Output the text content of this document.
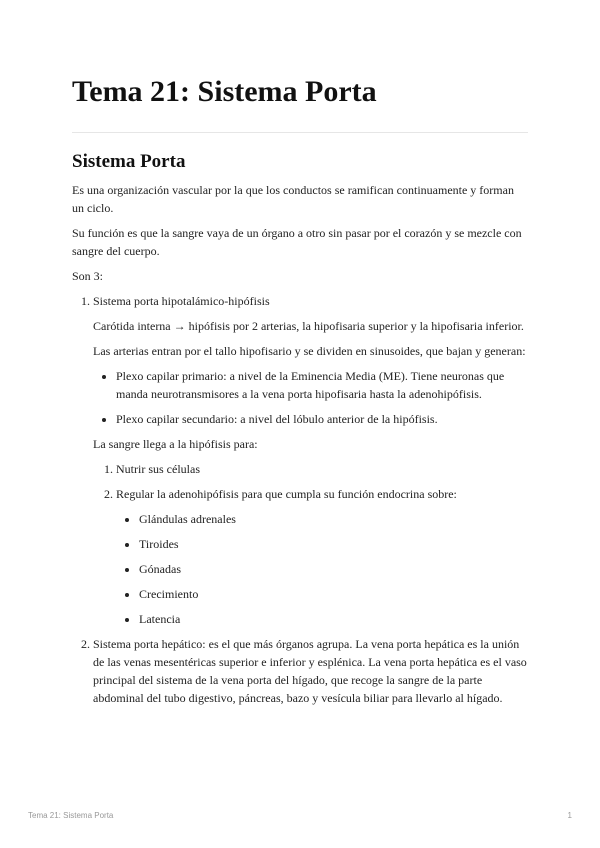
Tema 21: Sistema Porta
Sistema Porta

Es una organización vascular por la que los conductos se ramifican continuamente y forman un ciclo.

Su función es que la sangre vaya de un órgano a otro sin pasar por el corazón y se mezcle con sangre del cuerpo.

Son 3:

1. Sistema porta hipotalámico-hipófisis

Carótida interna → hipófisis por 2 arterias, la hipofisaria superior y la hipofisaria inferior.

Las arterias entran por el tallo hipofisario y se dividen en sinusoides, que bajan y generan:

• Plexo capilar primario: a nivel de la Eminencia Media (ME). Tiene neuronas que manda neurotransmisores a la vena porta hipofisaria hasta la adenohipófisis.
• Plexo capilar secundario: a nivel del lóbulo anterior de la hipófisis.

La sangre llega a la hipófisis para:

1. Nutrir sus células
2. Regular la adenohipófisis para que cumpla su función endocrina sobre:
• Glándulas adrenales
• Tiroides
• Gónadas
• Crecimiento
• Latencia
2. Sistema porta hepático: es el que más órganos agrupa. La vena porta hepática es la unión de las venas mesentéricas superior e inferior y esplénica. La vena porta hepática es el vaso principal del sistema de la vena porta del hígado, que recoge la sangre de la parte abdominal del tubo digestivo, páncreas, bazo y vesícula biliar para llevarlo al hígado.
Tema 21: Sistema Porta	1
